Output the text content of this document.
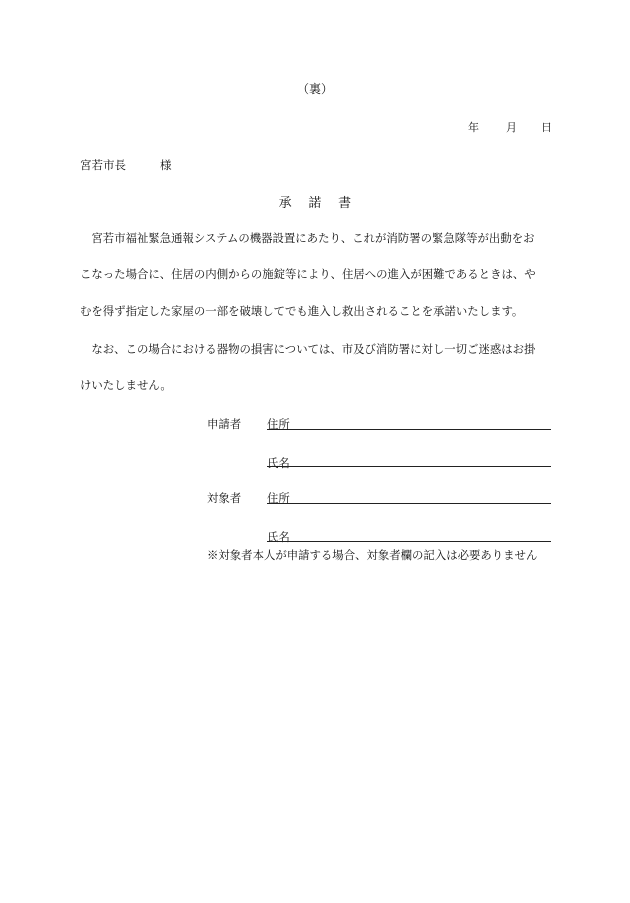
（裏）
年 月 日
宮若市長	様
承 諾 書
　宮若市福祉緊急通報システムの機器設置にあたり、これが消防署の緊急隊等が出動をお
こなった場合に、住居の内側からの施錠等により、住居への進入が困難であるときは、や
むを得ず指定した家屋の一部を破壊してでも進入し救出されることを承諾いたします。
　なお、この場合における器物の損害については、市及び消防署に対し一切ご迷惑はお掛
けいたしません。
申請者 住所
氏名
対象者 住所
氏名
※対象者本人が申請する場合、対象者欄の記入は必要ありません
